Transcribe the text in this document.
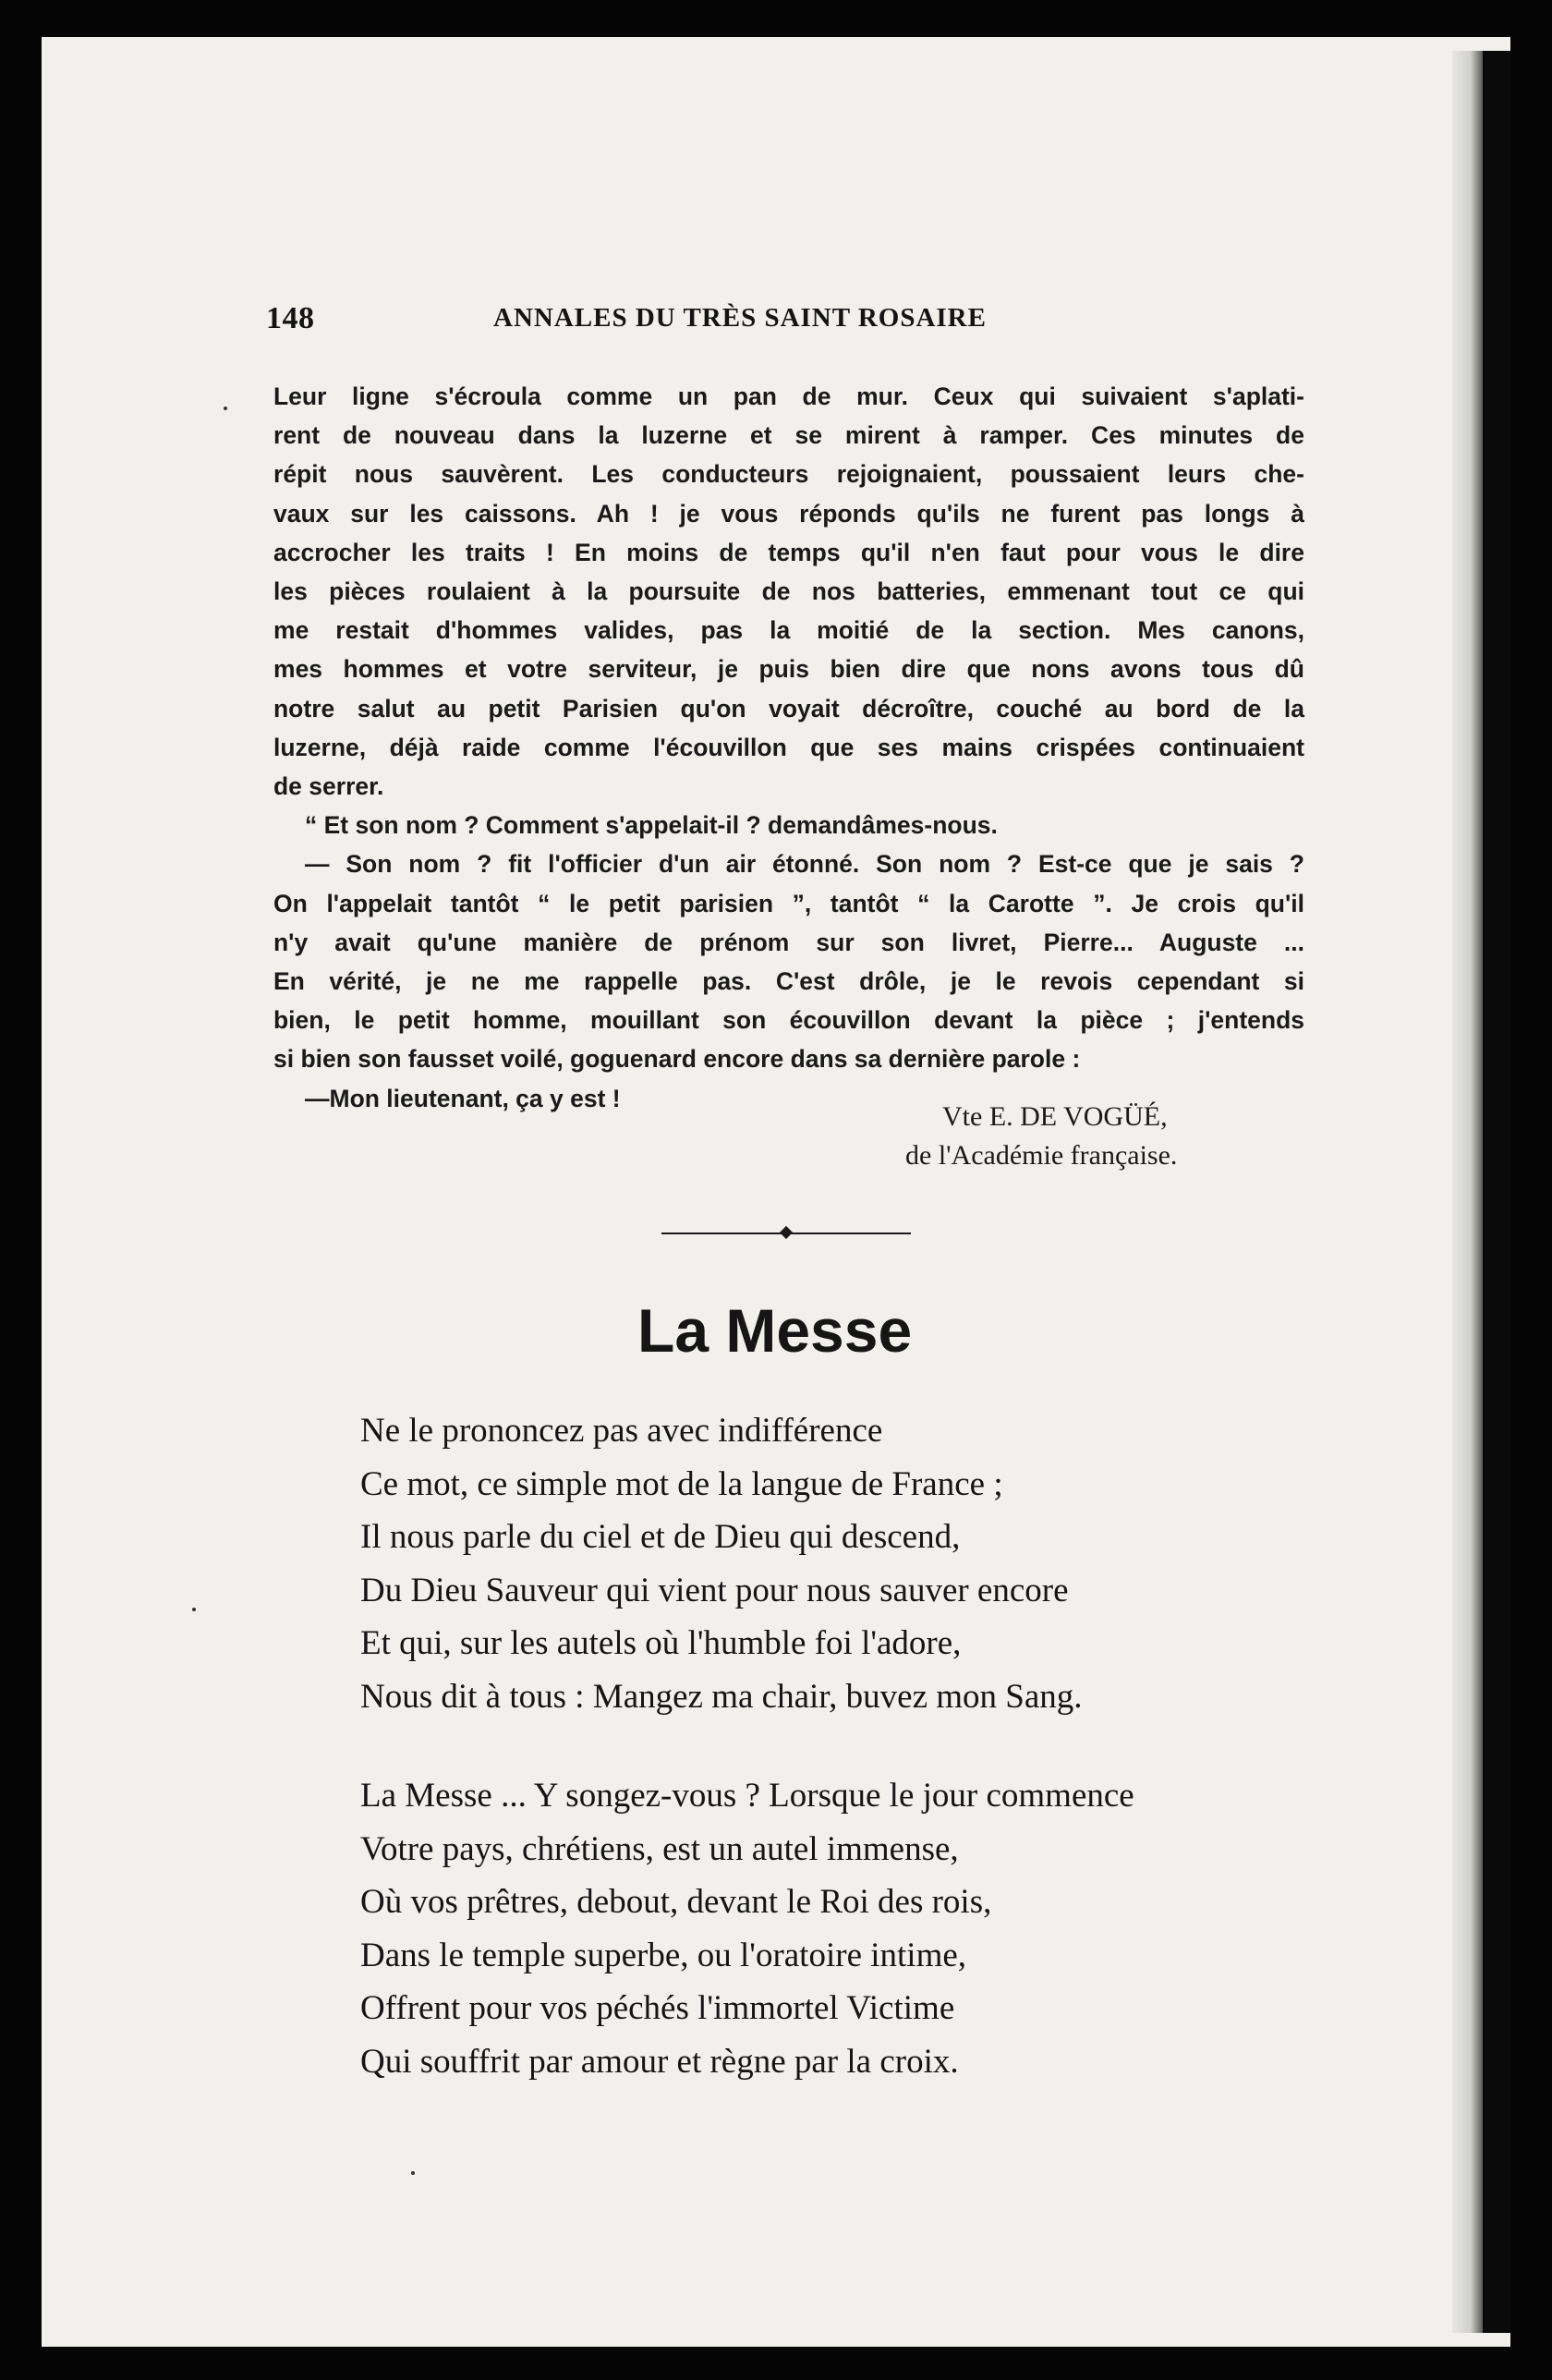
148	ANNALES DU TRÈS SAINT ROSAIRE
Leur ligne s'écroula comme un pan de mur. Ceux qui suivaient s'aplati-
rent de nouveau dans la luzerne et se mirent à ramper. Ces minutes de
répit nous sauvèrent. Les conducteurs rejoignaient, poussaient leurs che-
vaux sur les caissons. Ah ! je vous réponds qu'ils ne furent pas longs à
accrocher les traits ! En moins de temps qu'il n'en faut pour vous le dire
les pièces roulaient à la poursuite de nos batteries, emmenant tout ce qui
me restait d'hommes valides, pas la moitié de la section. Mes canons,
mes hommes et votre serviteur, je puis bien dire que nons avons tous dû
notre salut au petit Parisien qu'on voyait décroître, couché au bord de la
luzerne, déjà raide comme l'écouvillon que ses mains crispées continuaient
de serrer.
“ Et son nom ? Comment s'appelait-il ? demandâmes-nous.
— Son nom ? fit l'officier d'un air étonné. Son nom ? Est-ce que je sais ?
On l'appelait tantôt “ le petit parisien ”, tantôt “ la Carotte ”. Je crois qu'il
n'y avait qu'une manière de prénom sur son livret, Pierre... Auguste ...
En vérité, je ne me rappelle pas. C'est drôle, je le revois cependant si
bien, le petit homme, mouillant son écouvillon devant la pièce ; j'entends
si bien son fausset voilé, goguenard encore dans sa dernière parole :
—Mon lieutenant, ça y est !
Vte E. DE VOGÜÉ,
de l'Académie française.
La Messe
Ne le prononcez pas avec indifférence
Ce mot, ce simple mot de la langue de France ;
Il nous parle du ciel et de Dieu qui descend,
Du Dieu Sauveur qui vient pour nous sauver encore
Et qui, sur les autels où l'humble foi l'adore,
Nous dit à tous : Mangez ma chair, buvez mon Sang.
La Messe ... Y songez-vous ? Lorsque le jour commence
Votre pays, chrétiens, est un autel immense,
Où vos prêtres, debout, devant le Roi des rois,
Dans le temple superbe, ou l'oratoire intime,
Offrent pour vos péchés l'immortel Victime
Qui souffrit par amour et règne par la croix.
